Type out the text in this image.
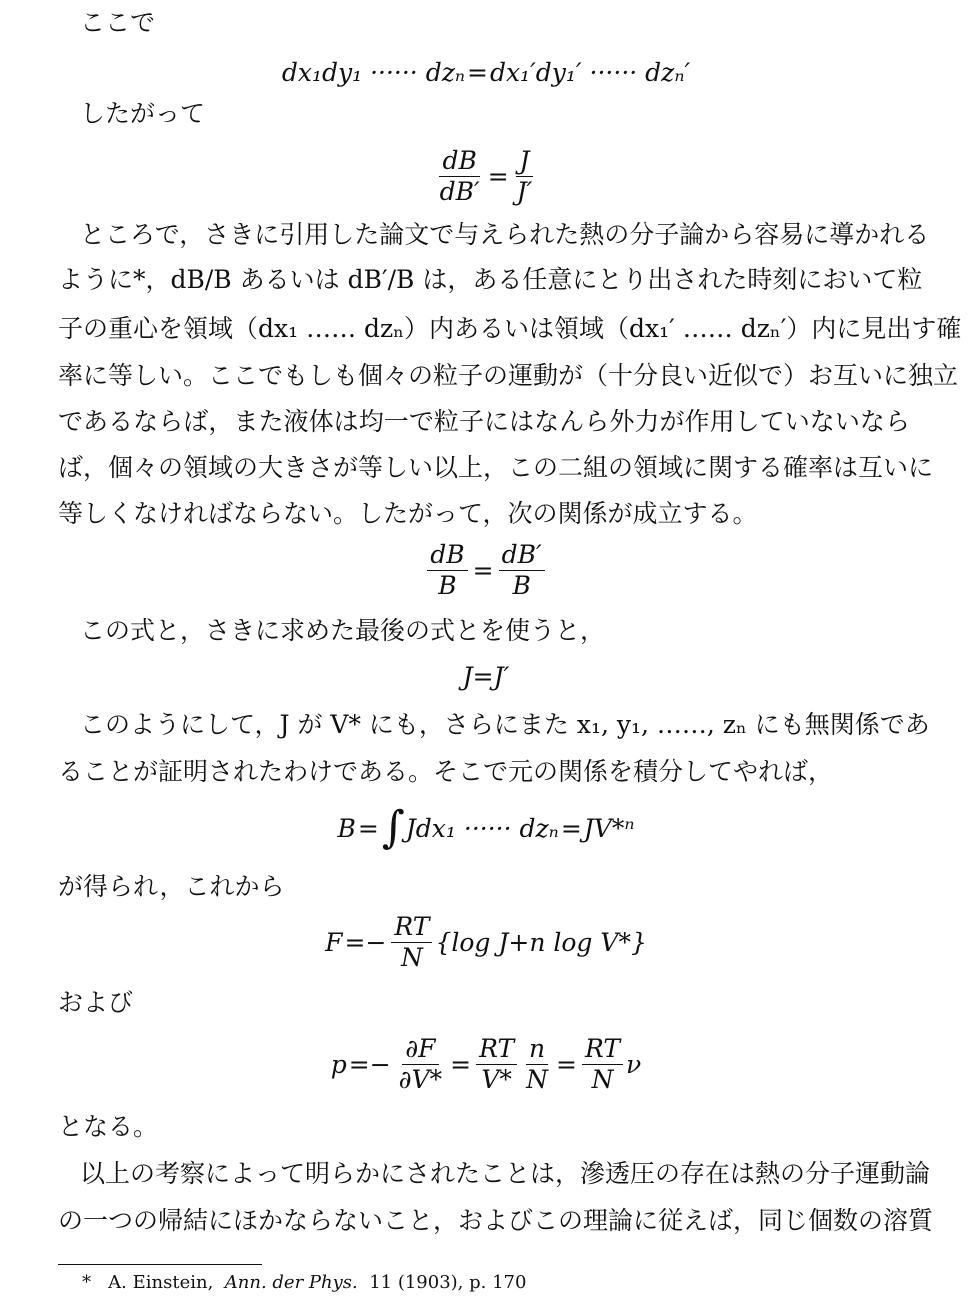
ここで
dx₁dy₁ ······ dzₙ = dx₁′dy₁′ ······ dzₙ′
したがって
$\frac{dB}{dB'} = \frac{J}{J'}$
ところで，さきに引用した論文で与えられた熱の分子論から容易に導かれる
ように*，dB/B あるいは dB′/B は，ある任意にとり出された時刻において粒
子の重心を領域（dx₁ …… dzₙ）内あるいは領域（dx₁′ …… dzₙ′）内に見出す確
率に等しい。ここでもしも個々の粒子の運動が（十分良い近似で）お互いに独立
であるならば，また液体は均一で粒子にはなんら外力が作用していないなら
ば，個々の領域の大きさが等しい以上，この二組の領域に関する確率は互いに
等しくなければならない。したがって，次の関係が成立する。
$\frac{dB}{B} = \frac{dB'}{B}$
この式と，さきに求めた最後の式とを使うと，
J=J′
このようにして，J が V* にも，さらにまた x₁, y₁, ……, zₙ にも無関係であ
ることが証明されたわけである。そこで元の関係を積分してやれば，
B = ∫ Jdx₁ ······ dzₙ = JV*ⁿ
が得られ，これから
$F =- \frac{RT}{N} \{\log$ J+n log V*}
および
$p =- \frac{\partial F}{\partial V*} = \frac{RT}{V*} \frac{n}{N} = \frac{RT}{N}$ ν
となる。
以上の考察によって明らかにされたことは，滲透圧の存在は熱の分子運動論
の一つの帰結にほかならないこと，およびこの理論に従えば，同じ個数の溶質
* A. Einstein, Ann. der Phys. 11 (1903), p. 170
